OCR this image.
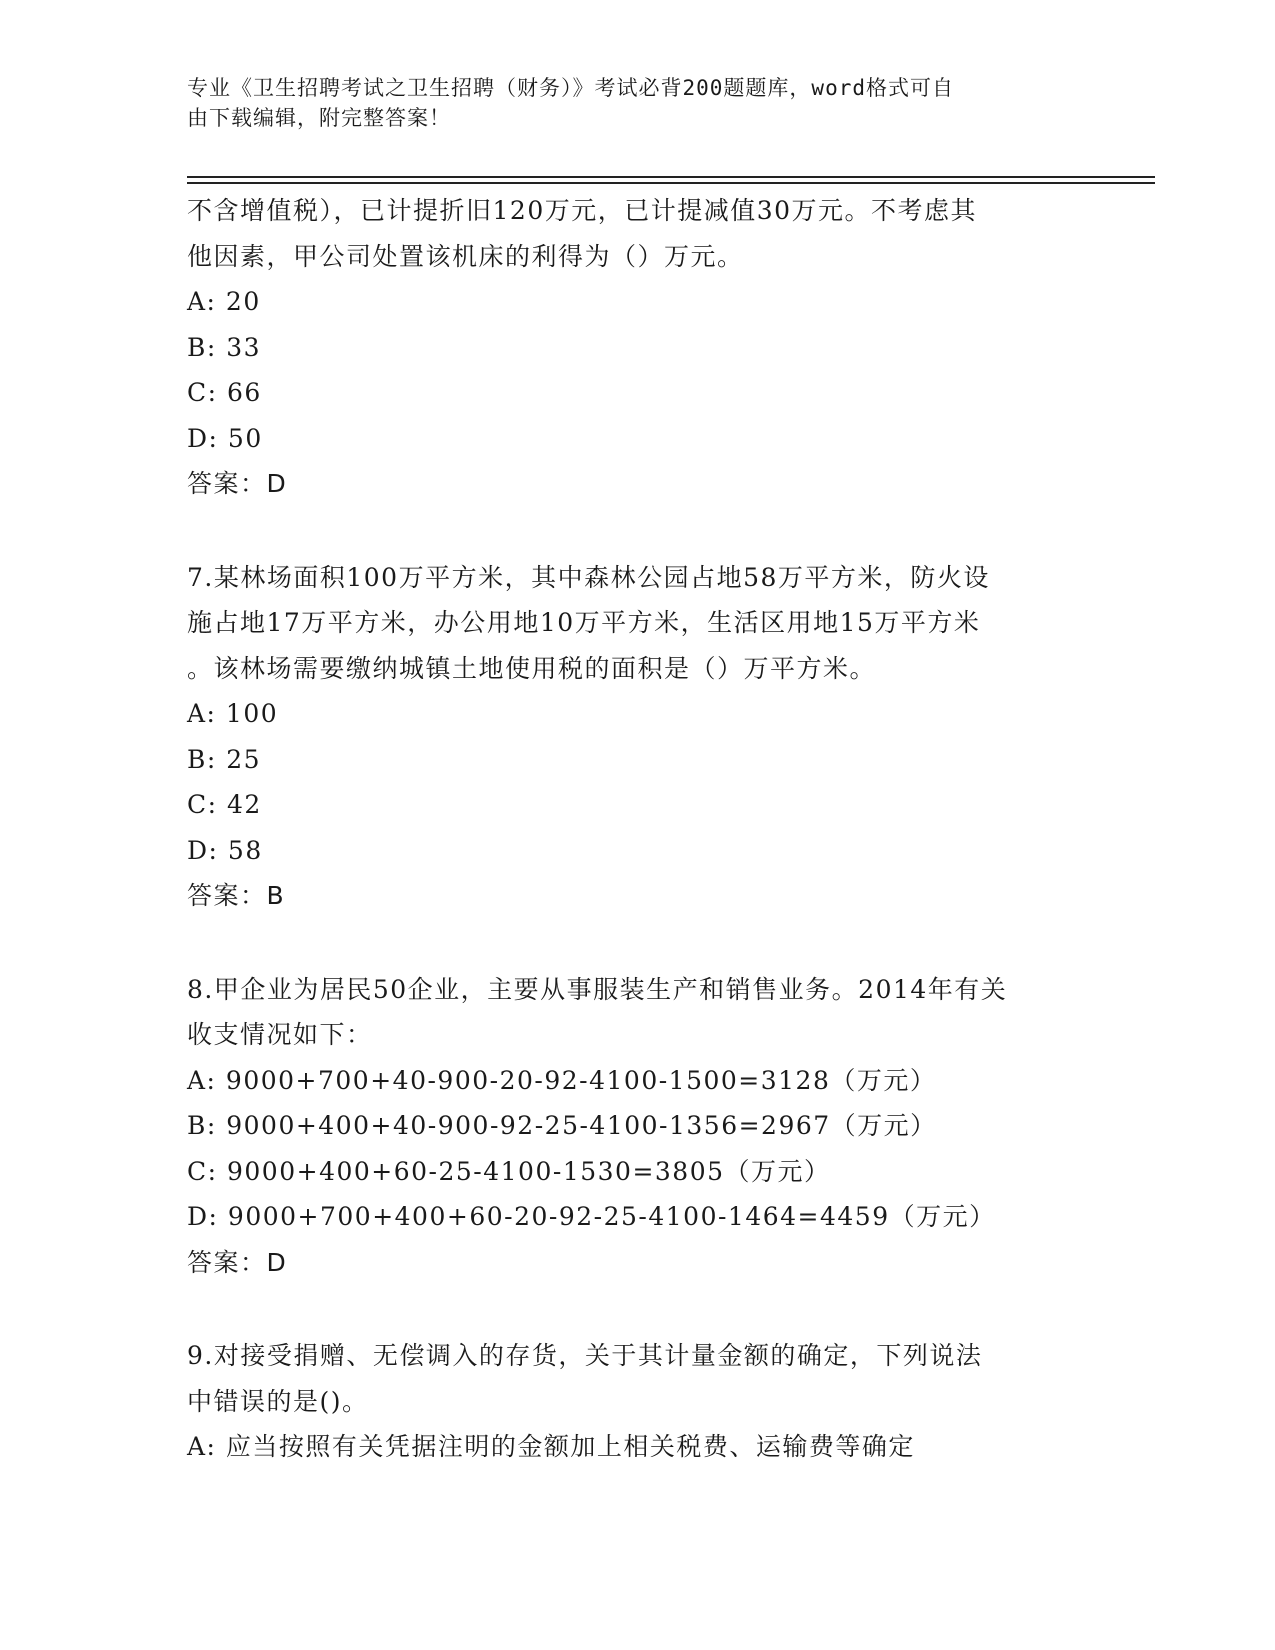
专业《卫生招聘考试之卫生招聘（财务）》考试必背200题题库，word格式可自
由下载编辑，附完整答案！
不含增值税），已计提折旧120万元，已计提减值30万元。不考虑其
他因素，甲公司处置该机床的利得为（）万元。
A: 20
B: 33
C: 66
D: 50
答案：D
7.某林场面积100万平方米，其中森林公园占地58万平方米，防火设
施占地17万平方米，办公用地10万平方米，生活区用地15万平方米
。该林场需要缴纳城镇土地使用税的面积是（）万平方米。
A: 100
B: 25
C: 42
D: 58
答案：B
8.甲企业为居民50企业，主要从事服装生产和销售业务。2014年有关
收支情况如下：
A: 9000+700+40-900-20-92-4100-1500=3128（万元）
B: 9000+400+40-900-92-25-4100-1356=2967（万元）
C: 9000+400+60-25-4100-1530=3805（万元）
D: 9000+700+400+60-20-92-25-4100-1464=4459（万元）
答案：D
9.对接受捐赠、无偿调入的存货，关于其计量金额的确定，下列说法
中错误的是()。
A: 应当按照有关凭据注明的金额加上相关税费、运输费等确定
